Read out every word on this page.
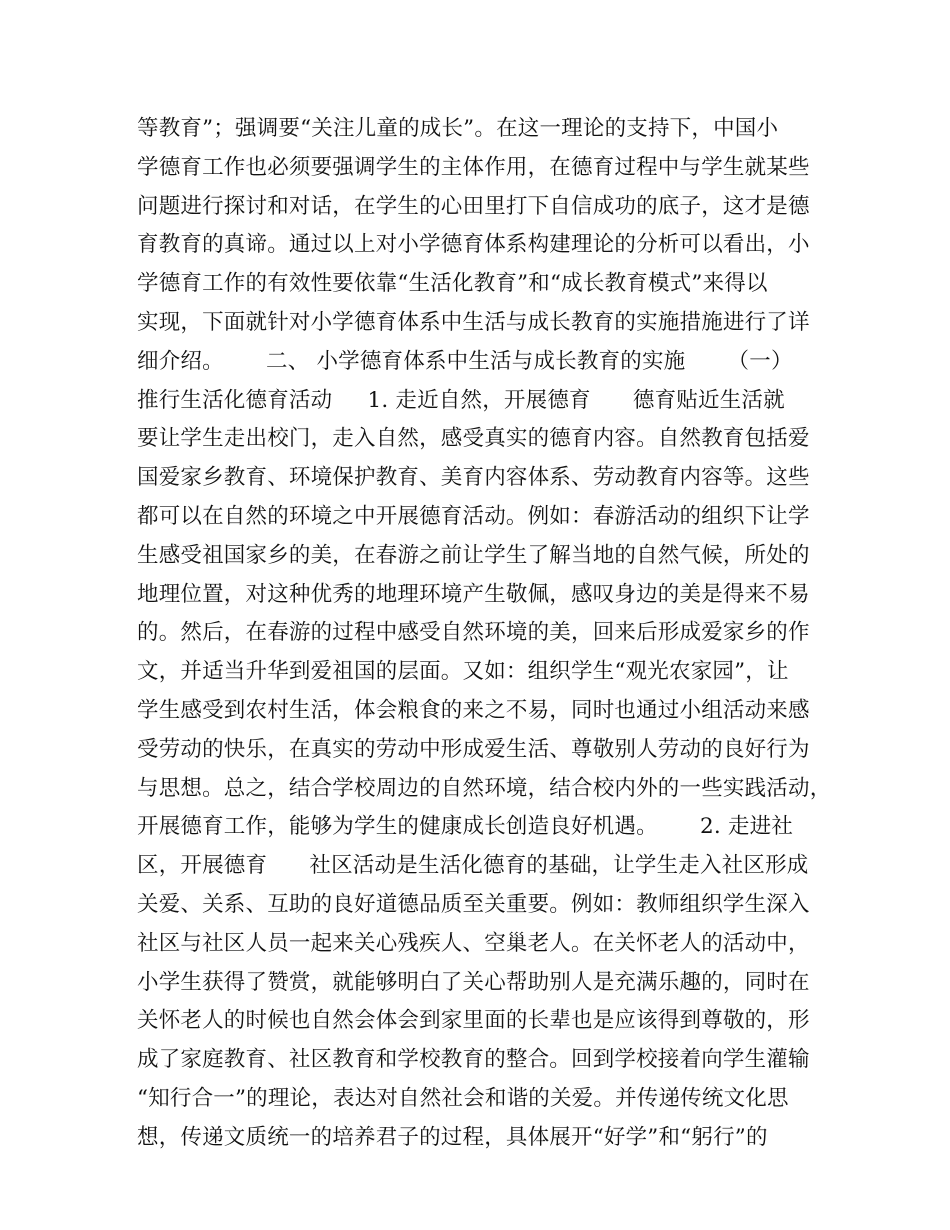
等教育”；强调要“关注儿童的成长”。在这一理论的支持下，中国小
学德育工作也必须要强调学生的主体作用，在德育过程中与学生就某些
问题进行探讨和对话，在学生的心田里打下自信成功的底子，这才是德
育教育的真谛。通过以上对小学德育体系构建理论的分析可以看出，小
学德育工作的有效性要依靠“生活化教育”和“成长教育模式”来得以
实现，下面就针对小学德育体系中生活与成长教育的实施措施进行了详
细介绍。      二、 小学德育体系中生活与成长教育的实施      （一）
推行生活化德育活动     1. 走近自然，开展德育      德育贴近生活就
要让学生走出校门，走入自然，感受真实的德育内容。自然教育包括爱
国爱家乡教育、环境保护教育、美育内容体系、劳动教育内容等。这些
都可以在自然的环境之中开展德育活动。例如：春游活动的组织下让学
生感受祖国家乡的美，在春游之前让学生了解当地的自然气候，所处的
地理位置，对这种优秀的地理环境产生敬佩，感叹身边的美是得来不易
的。然后，在春游的过程中感受自然环境的美，回来后形成爱家乡的作
文，并适当升华到爱祖国的层面。又如：组织学生“观光农家园”，让
学生感受到农村生活，体会粮食的来之不易，同时也通过小组活动来感
受劳动的快乐，在真实的劳动中形成爱生活、尊敬别人劳动的良好行为
与思想。总之，结合学校周边的自然环境，结合校内外的一些实践活动，
开展德育工作，能够为学生的健康成长创造良好机遇。      2. 走进社
区，开展德育      社区活动是生活化德育的基础，让学生走入社区形成
关爱、关系、互助的良好道德品质至关重要。例如：教师组织学生深入
社区与社区人员一起来关心残疾人、空巢老人。在关怀老人的活动中，
小学生获得了赞赏，就能够明白了关心帮助别人是充满乐趣的，同时在
关怀老人的时候也自然会体会到家里面的长辈也是应该得到尊敬的，形
成了家庭教育、社区教育和学校教育的整合。回到学校接着向学生灌输
“知行合一”的理论，表达对自然社会和谐的关爱。并传递传统文化思
想，传递文质统一的培养君子的过程，具体展开“好学”和“躬行”的
